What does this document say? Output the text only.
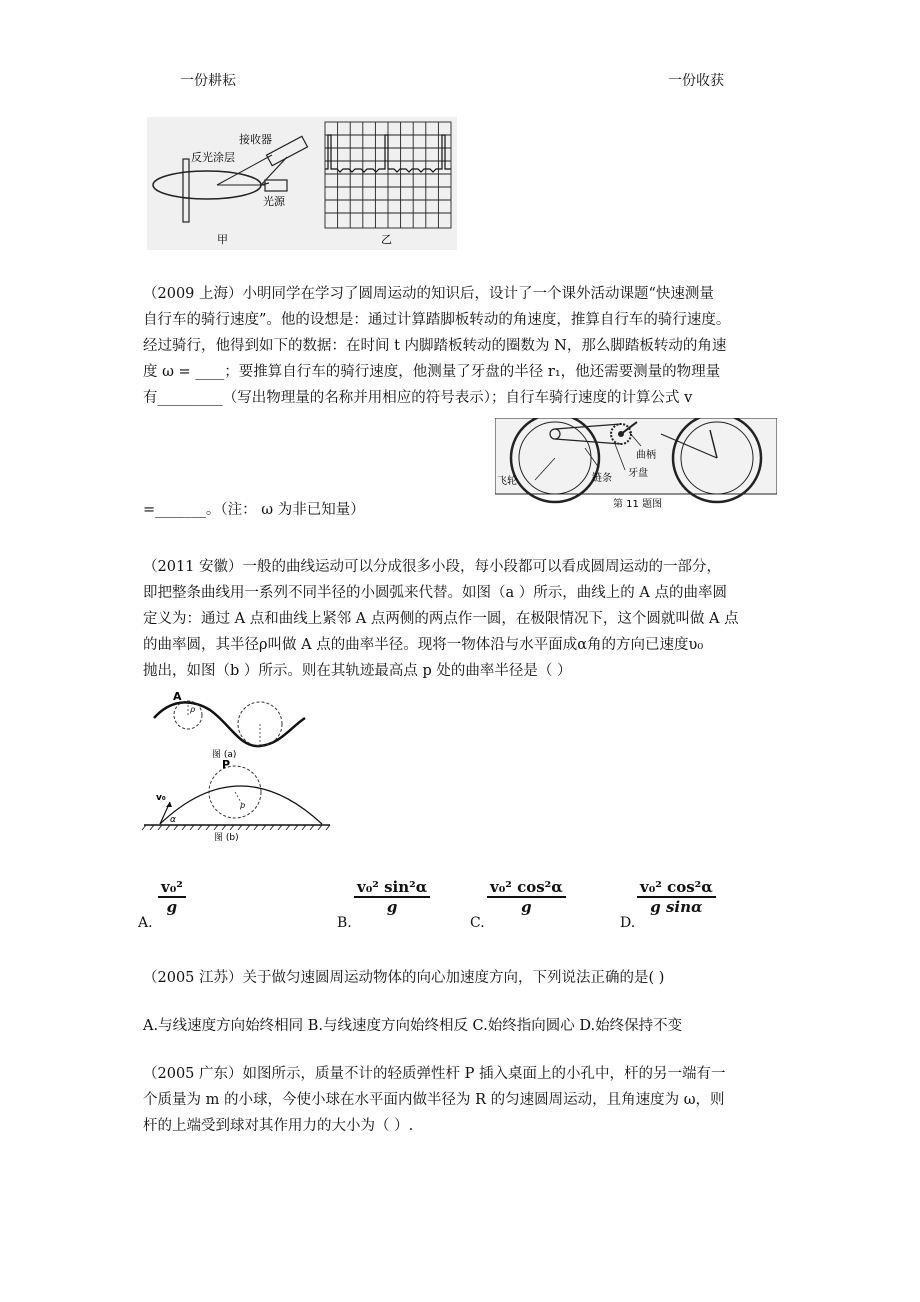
一份耕耘	一份收获
反光涂层
接收器
光源
甲	乙
（2009 上海）小明同学在学习了圆周运动的知识后，设计了一个课外活动课题“快速测量
自行车的骑行速度”。他的设想是：通过计算踏脚板转动的角速度，推算自行车的骑行速度。
经过骑行，他得到如下的数据：在时间 t 内脚踏板转动的圈数为 N，那么脚踏板转动的角速
度 ω = ____；要推算自行车的骑行速度，他测量了牙盘的半径 r₁，他还需要测量的物理量
有_________（写出物理量的名称并用相应的符号表示）；自行车骑行速度的计算公式 v
=_______。（注： ω 为非已知量）
飞轮	链条
曲柄
牙盘
第 11 题图
（2011 安徽）一般的曲线运动可以分成很多小段，每小段都可以看成圆周运动的一部分，
即把整条曲线用一系列不同半径的小圆弧来代替。如图（a ）所示，曲线上的 A 点的曲率圆
定义为：通过 A 点和曲线上紧邻 A 点两侧的两点作一圆，在极限情况下，这个圆就叫做 A 点
的曲率圆，其半径ρ叫做 A 点的曲率半径。现将一物体沿与水平面成α角的方向已速度υ₀
抛出，如图（b ）所示。则在其轨迹最高点 p 处的曲率半径是（ ）
A
ρ
图 (a)
P
v₀
α
ρ
图 (b)
A.
$\frac{\text{v₀²}}{g}$
B.
$\frac{\text{v₀² sin²α}}{g}$
C.
$\frac{\text{v₀² cos²α}}{g}$
D.
$\frac{\text{v₀² cos²α}}{\text{g sinα}}$
（2005 江苏）关于做匀速圆周运动物体的向心加速度方向，下列说法正确的是( )
A.与线速度方向始终相同 B.与线速度方向始终相反 C.始终指向圆心 D.始终保持不变
（2005 广东）如图所示，质量不计的轻质弹性杆 P 插入桌面上的小孔中，杆的另一端有一
个质量为 m 的小球，今使小球在水平面内做半径为 R 的匀速圆周运动，且角速度为 ω，则
杆的上端受到球对其作用力的大小为（ ）.
